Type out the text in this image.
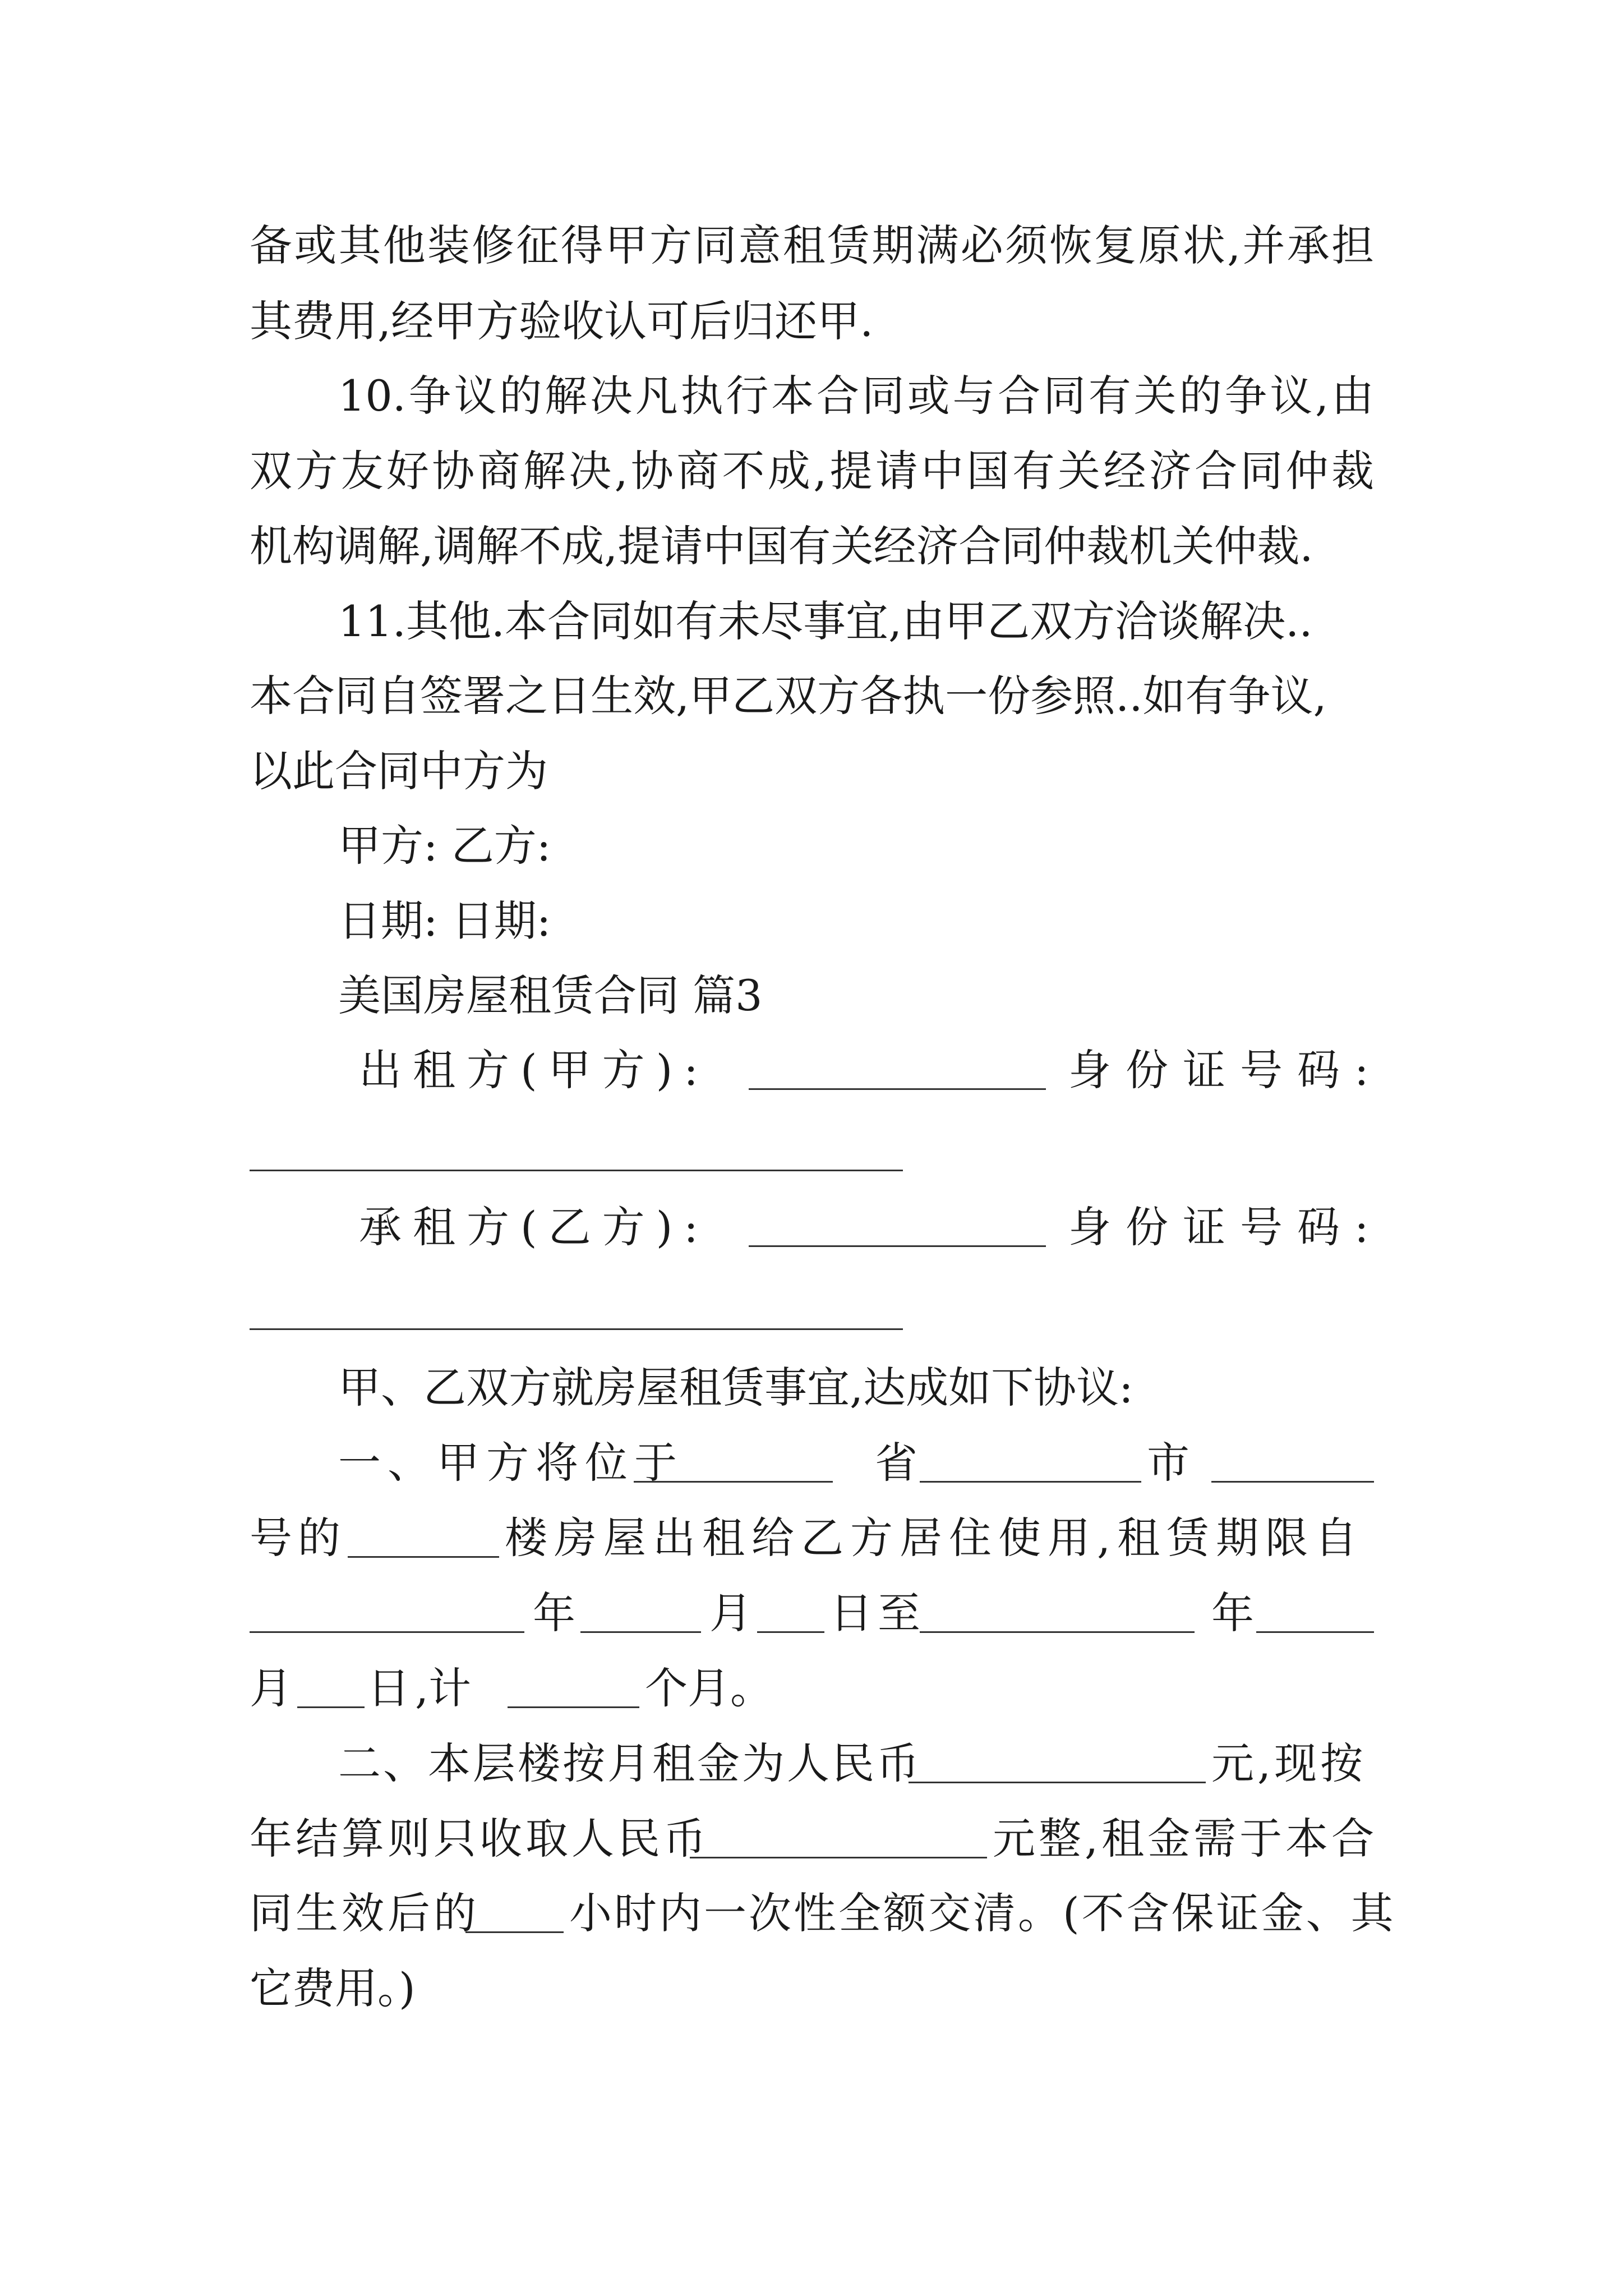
备或其他装修征得甲方同意租赁期满必须恢复原状,并承担
其费用,经甲方验收认可后归还甲.
10.争议的解决凡执行本合同或与合同有关的争议,由
双方友好协商解决,协商不成,提请中国有关经济合同仲裁
机构调解,调解不成,提请中国有关经济合同仲裁机关仲裁.
11.其他.本合同如有未尽事宜,由甲乙双方洽谈解决..
本合同自签署之日生效,甲乙双方各执一份参照..如有争议,
以此合同中方为
甲方: 乙方:
日期: 日期:
美国房屋租赁合同 篇3
出租方(甲方):	身份证号码:
承租方(乙方):	身份证号码:
甲、乙双方就房屋租赁事宜,达成如下协议:
一、甲方将位于	省	市
号的	楼房屋出租给乙方居住使用,租赁期限自
年	月 日 至	年
月 日 ,计	个月。
二、本层楼按月租金为人民币	元,现按
年结算则只收取人民币	元整,租金需于本合
同生效后的 小时内一次性全额交清。(不含保证金、其
它费用。)
